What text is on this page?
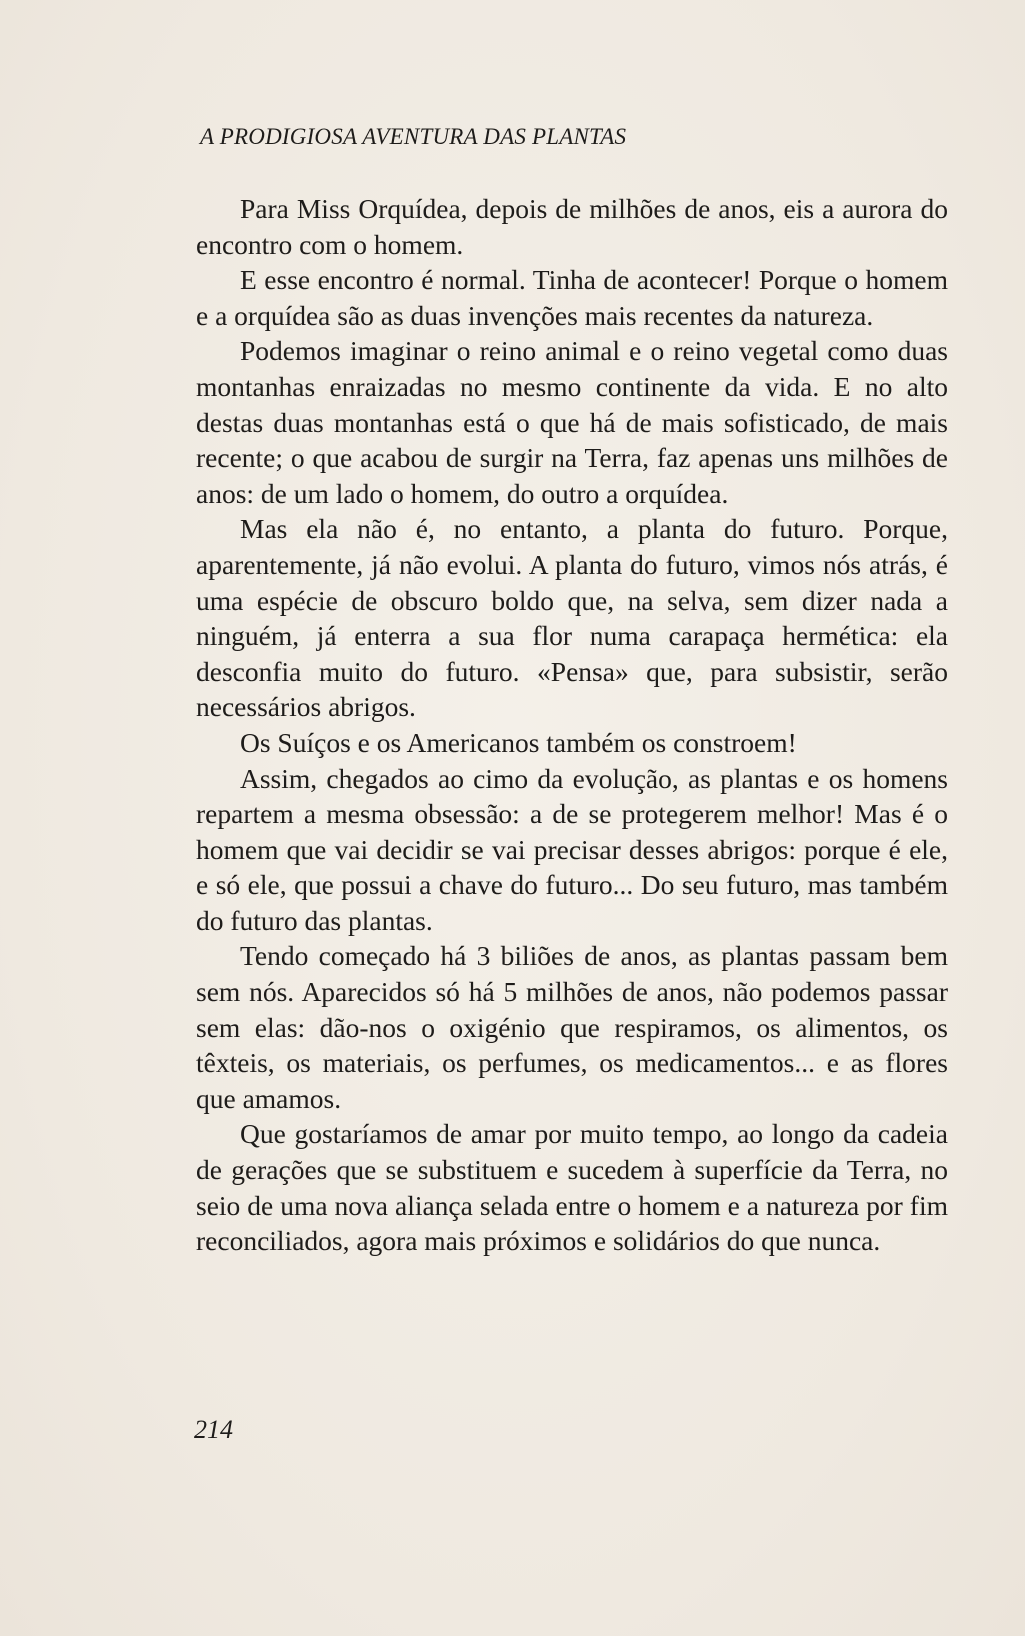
A PRODIGIOSA AVENTURA DAS PLANTAS

Para Miss Orquídea, depois de milhões de anos, eis a aurora do encontro com o homem.

E esse encontro é normal. Tinha de acontecer! Porque o homem e a orquídea são as duas invenções mais recentes da natureza.

Podemos imaginar o reino animal e o reino vegetal como duas montanhas enraizadas no mesmo continente da vida. E no alto destas duas montanhas está o que há de mais sofisticado, de mais recente; o que acabou de surgir na Terra, faz apenas uns milhões de anos: de um lado o homem, do outro a orquídea.

Mas ela não é, no entanto, a planta do futuro. Porque, aparentemente, já não evolui. A planta do futuro, vimos nós atrás, é uma espécie de obscuro boldo que, na selva, sem dizer nada a ninguém, já enterra a sua flor numa carapaça hermética: ela desconfia muito do futuro. «Pensa» que, para subsistir, serão necessários abrigos.

Os Suíços e os Americanos também os constroem!

Assim, chegados ao cimo da evolução, as plantas e os homens repartem a mesma obsessão: a de se protegerem melhor! Mas é o homem que vai decidir se vai precisar desses abrigos: porque é ele, e só ele, que possui a chave do futuro... Do seu futuro, mas também do futuro das plantas.

Tendo começado há 3 biliões de anos, as plantas passam bem sem nós. Aparecidos só há 5 milhões de anos, não podemos passar sem elas: dão-nos o oxigénio que respiramos, os alimentos, os têxteis, os materiais, os perfumes, os medicamentos... e as flores que amamos.

Que gostaríamos de amar por muito tempo, ao longo da cadeia de gerações que se substituem e sucedem à superfície da Terra, no seio de uma nova aliança selada entre o homem e a natureza por fim reconciliados, agora mais próximos e solidários do que nunca.

214
